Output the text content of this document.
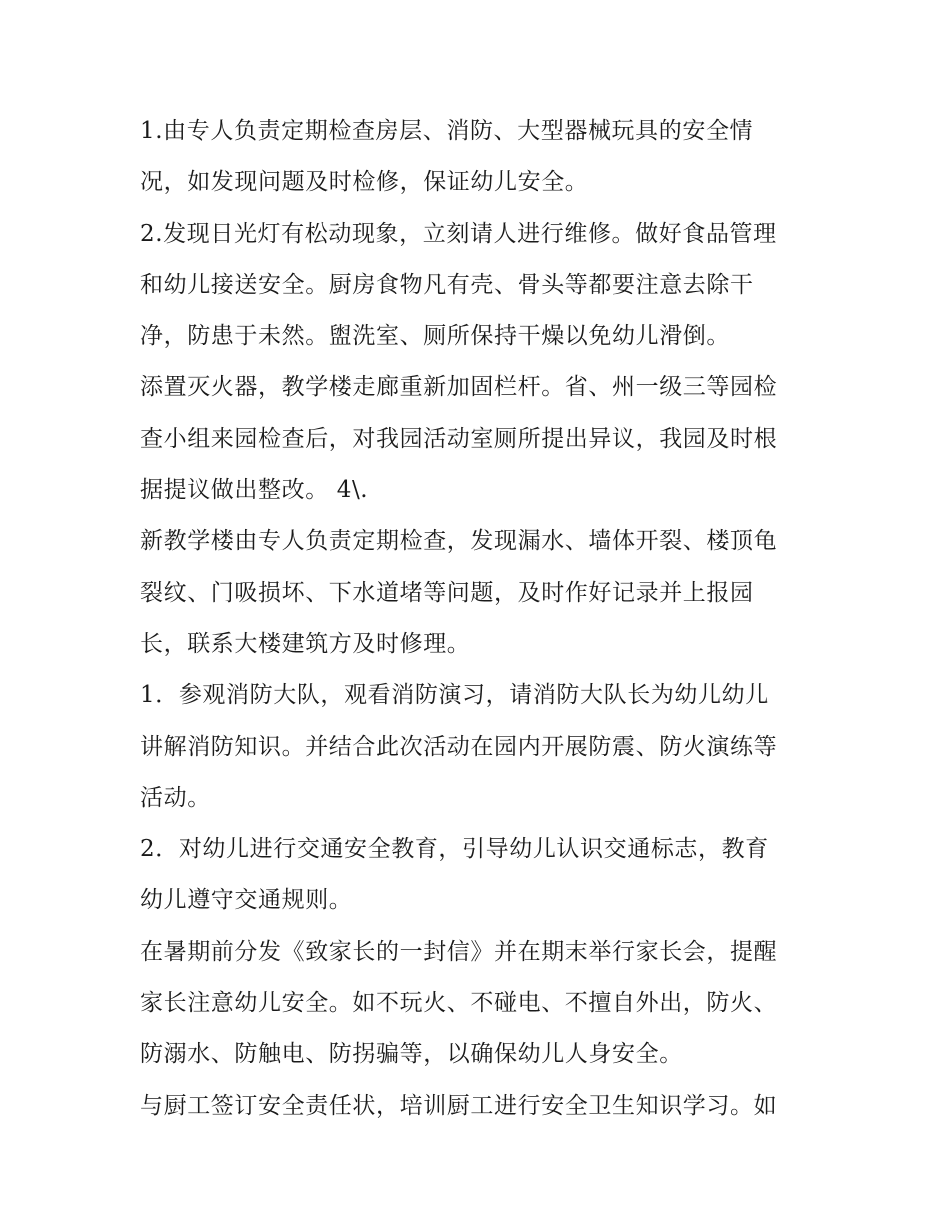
1.由专人负责定期检查房层、消防、大型器械玩具的安全情
况，如发现问题及时检修，保证幼儿安全。

2.发现日光灯有松动现象，立刻请人进行维修。做好食品管理
和幼儿接送安全。厨房食物凡有壳、骨头等都要注意去除干
净，防患于未然。盥洗室、厕所保持干燥以免幼儿滑倒。

添置灭火器，教学楼走廊重新加固栏杆。省、州一级三等园检
查小组来园检查后，对我园活动室厕所提出异议，我园及时根
据提议做出整改。 4\.

新教学楼由专人负责定期检查，发现漏水、墙体开裂、楼顶龟
裂纹、门吸损坏、下水道堵等问题，及时作好记录并上报园
长，联系大楼建筑方及时修理。

1．参观消防大队，观看消防演习，请消防大队长为幼儿幼儿
讲解消防知识。并结合此次活动在园内开展防震、防火演练等
活动。

2．对幼儿进行交通安全教育，引导幼儿认识交通标志，教育
幼儿遵守交通规则。

在暑期前分发《致家长的一封信》并在期末举行家长会，提醒
家长注意幼儿安全。如不玩火、不碰电、不擅自外出，防火、
防溺水、防触电、防拐骗等，以确保幼儿人身安全。

与厨工签订安全责任状，培训厨工进行安全卫生知识学习。如
